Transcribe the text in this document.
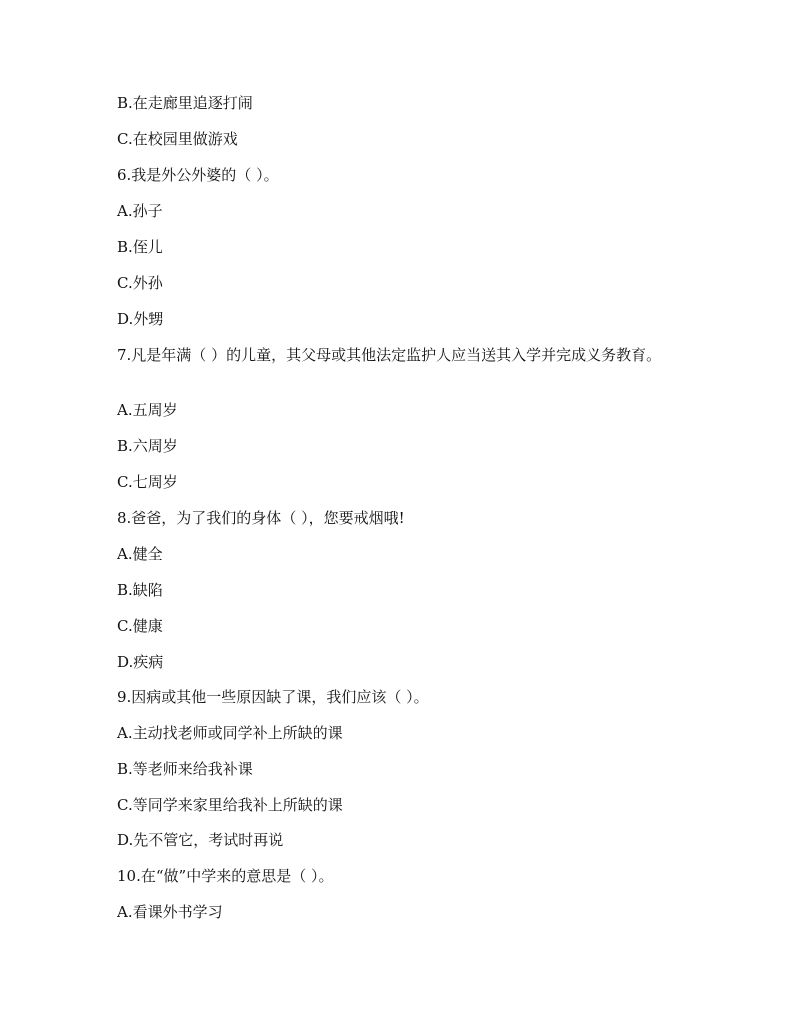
B.在走廊里追逐打闹
C.在校园里做游戏
6.我是外公外婆的（ ）。
A.孙子
B.侄儿
C.外孙
D.外甥
7.凡是年满（ ）的儿童，其父母或其他法定监护人应当送其入学并完成义务教育。
A.五周岁
B.六周岁
C.七周岁
8.爸爸，为了我们的身体（ ），您要戒烟哦!
A.健全
B.缺陷
C.健康
D.疾病
9.因病或其他一些原因缺了课，我们应该（ ）。
A.主动找老师或同学补上所缺的课
B.等老师来给我补课
C.等同学来家里给我补上所缺的课
D.先不管它，考试时再说
10.在“做”中学来的意思是（ ）。
A.看课外书学习
